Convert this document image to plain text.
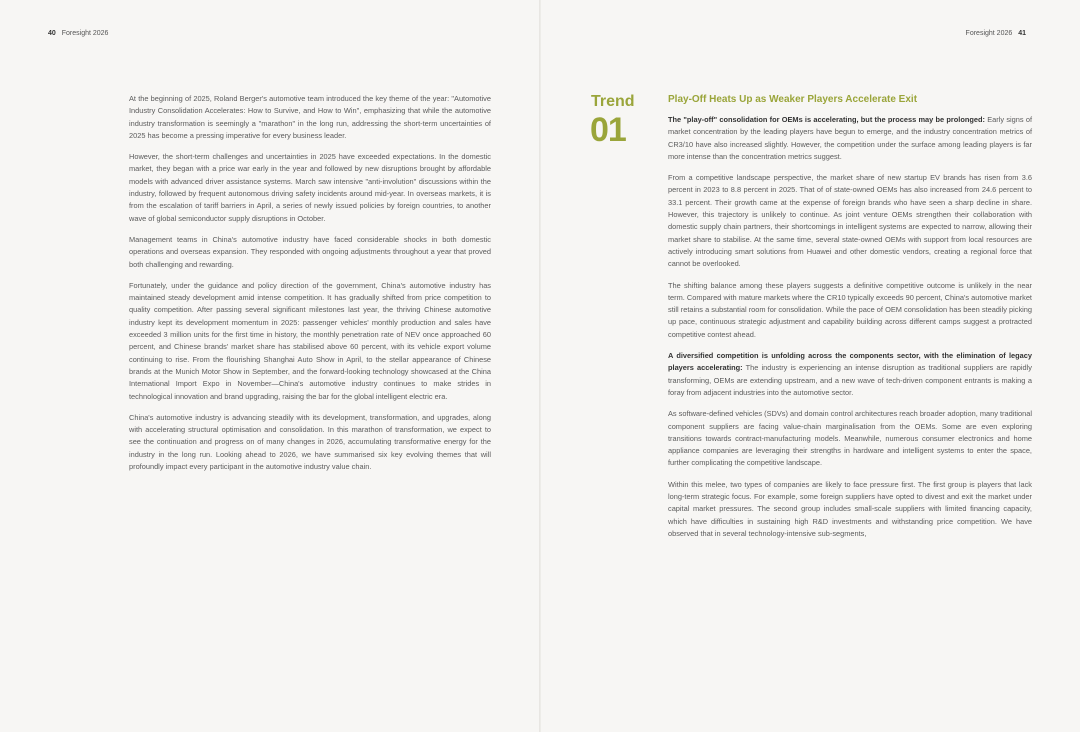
40 Foresight 2026	Foresight 2026 41

At the beginning of 2025, Roland Berger's automotive team introduced the key theme of the year: "Automotive Industry Consolidation Accelerates: How to Survive, and How to Win", emphasizing that while the automotive industry transformation is seemingly a "marathon" in the long run, addressing the short-term uncertainties of 2025 has become a pressing imperative for every business leader.

However, the short-term challenges and uncertainties in 2025 have exceeded expectations. In the domestic market, they began with a price war early in the year and followed by new disruptions brought by affordable models with advanced driver assistance systems. March saw intensive "anti-involution" discussions within the industry, followed by frequent autonomous driving safety incidents around mid-year. In overseas markets, it is from the escalation of tariff barriers in April, a series of newly issued policies by foreign countries, to another wave of global semiconductor supply disruptions in October.

Management teams in China's automotive industry have faced considerable shocks in both domestic operations and overseas expansion. They responded with ongoing adjustments throughout a year that proved both challenging and rewarding.

Fortunately, under the guidance and policy direction of the government, China's automotive industry has maintained steady development amid intense competition. It has gradually shifted from price competition to quality competition. After passing several significant milestones last year, the thriving Chinese automotive industry kept its development momentum in 2025: passenger vehicles' monthly production and sales have exceeded 3 million units for the first time in history, the monthly penetration rate of NEV once approached 60 percent, and Chinese brands' market share has stabilised above 60 percent, with its vehicle export volume continuing to rise. From the flourishing Shanghai Auto Show in April, to the stellar appearance of Chinese brands at the Munich Motor Show in September, and the forward-looking technology showcased at the China International Import Expo in November—China's automotive industry continues to make strides in technological innovation and brand upgrading, raising the bar for the global intelligent electric era.

China's automotive industry is advancing steadily with its development, transformation, and upgrades, along with accelerating structural optimisation and consolidation. In this marathon of transformation, we expect to see the continuation and progress on of many changes in 2026, accumulating transformative energy for the industry in the long run. Looking ahead to 2026, we have summarised six key evolving themes that will profoundly impact every participant in the automotive industry value chain.

Trend
01
Play-Off Heats Up as Weaker Players Accelerate Exit

The "play-off" consolidation for OEMs is accelerating, but the process may be prolonged: Early signs of market concentration by the leading players have begun to emerge, and the industry concentration metrics of CR3/10 have also increased slightly. However, the competition under the surface among leading players is far more intense than the concentration metrics suggest.

From a competitive landscape perspective, the market share of new startup EV brands has risen from 3.6 percent in 2023 to 8.8 percent in 2025. That of of state-owned OEMs has also increased from 24.6 percent to 33.1 percent. Their growth came at the expense of foreign brands who have seen a sharp decline in share. However, this trajectory is unlikely to continue. As joint venture OEMs strengthen their collaboration with domestic supply chain partners, their shortcomings in intelligent systems are expected to narrow, allowing their market share to stabilise. At the same time, several state-owned OEMs with support from local resources are actively introducing smart solutions from Huawei and other domestic vendors, creating a regional force that cannot be overlooked.

The shifting balance among these players suggests a definitive competitive outcome is unlikely in the near term. Compared with mature markets where the CR10 typically exceeds 90 percent, China's automotive market still retains a substantial room for consolidation. While the pace of OEM consolidation has been steadily picking up pace, continuous strategic adjustment and capability building across different camps suggest a protracted competitive contest ahead.

A diversified competition is unfolding across the components sector, with the elimination of legacy players accelerating: The industry is experiencing an intense disruption as traditional suppliers are rapidly transforming, OEMs are extending upstream, and a new wave of tech-driven component entrants is making a foray from adjacent industries into the automotive sector.

As software-defined vehicles (SDVs) and domain control architectures reach broader adoption, many traditional component suppliers are facing value-chain marginalisation from the OEMs. Some are even exploring transitions towards contract-manufacturing models. Meanwhile, numerous consumer electronics and home appliance companies are leveraging their strengths in hardware and intelligent systems to enter the space, further complicating the competitive landscape.

Within this melee, two types of companies are likely to face pressure first. The first group is players that lack long-term strategic focus. For example, some foreign suppliers have opted to divest and exit the market under capital market pressures. The second group includes small-scale suppliers with limited financing capacity, which have difficulties in sustaining high R&D investments and withstanding price competition. We have observed that in several technology-intensive sub-segments,
